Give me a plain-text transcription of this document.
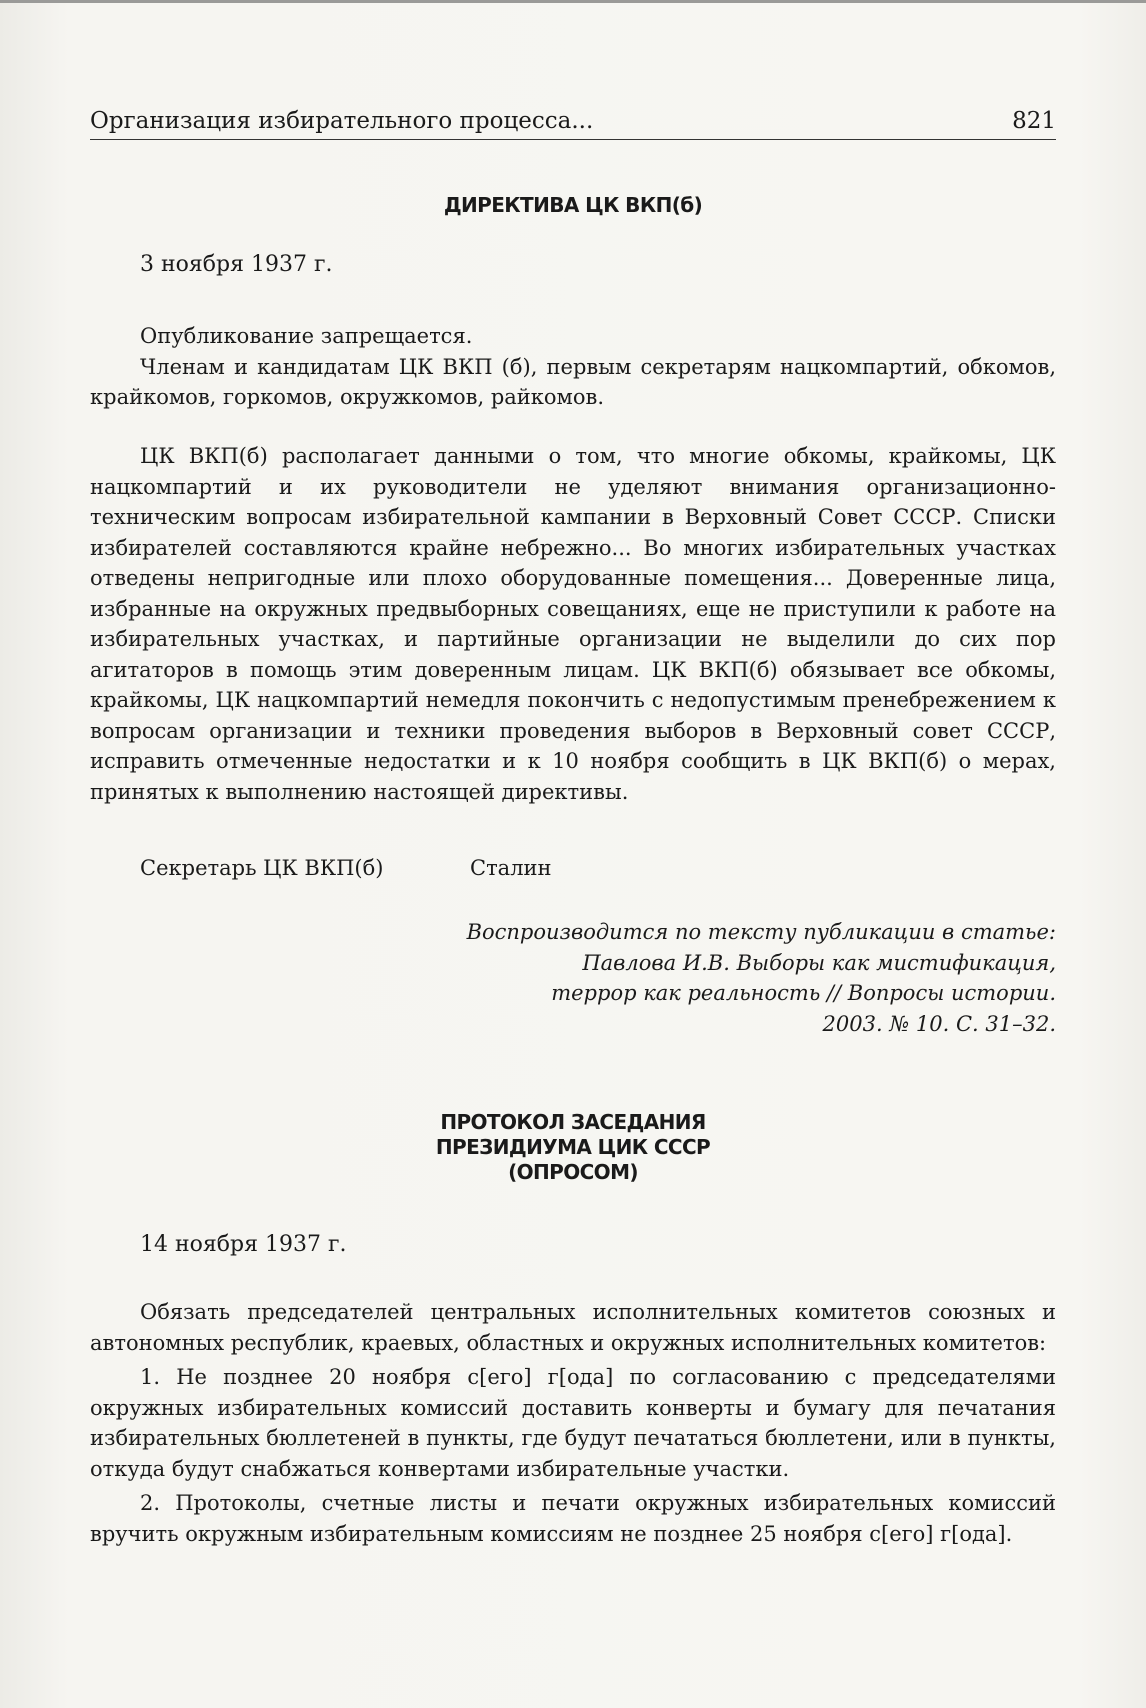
Организация избирательного процесса...	821
ДИРЕКТИВА ЦК ВКП(б)
3 ноября 1937 г.

Опубликование запрещается.

Членам и кандидатам ЦК ВКП (б), первым секретарям нацкомпартий, обкомов, крайкомов, горкомов, окружкомов, райкомов.

ЦК ВКП(б) располагает данными о том, что многие обкомы, крайкомы, ЦК нацкомпартий и их руководители не уделяют внимания организационно-техническим вопросам избирательной кампании в Верховный Совет СССР. Списки избирателей составляются крайне небрежно... Во многих избирательных участках отведены непригодные или плохо оборудованные помещения... Доверенные лица, избранные на окружных предвыборных совещаниях, еще не приступили к работе на избирательных участках, и партийные организации не выделили до сих пор агитаторов в помощь этим доверенным лицам. ЦК ВКП(б) обязывает все обкомы, крайкомы, ЦК нацкомпартий немедля покончить с недопустимым пренебрежением к вопросам организации и техники проведения выборов в Верховный совет СССР, исправить отмеченные недостатки и к 10 ноября сообщить в ЦК ВКП(б) о мерах, принятых к выполнению настоящей директивы.

Секретарь ЦК ВКП(б)	Сталин
Воспроизводится по тексту публикации в статье:
Павлова И.В. Выборы как мистификация,
террор как реальность // Вопросы истории.
2003. № 10. С. 31–32.
ПРОТОКОЛ ЗАСЕДАНИЯ
ПРЕЗИДИУМА ЦИК СССР
(ОПРОСОМ)
14 ноября 1937 г.

Обязать председателей центральных исполнительных комитетов союзных и автономных республик, краевых, областных и окружных исполнительных комитетов:

1. Не позднее 20 ноября с[его] г[ода] по согласованию с председателями окружных избирательных комиссий доставить конверты и бумагу для печатания избирательных бюллетеней в пункты, где будут печататься бюллетени, или в пункты, откуда будут снабжаться конвертами избирательные участки.

2. Протоколы, счетные листы и печати окружных избирательных комиссий вручить окружным избирательным комиссиям не позднее 25 ноября с[его] г[ода].
